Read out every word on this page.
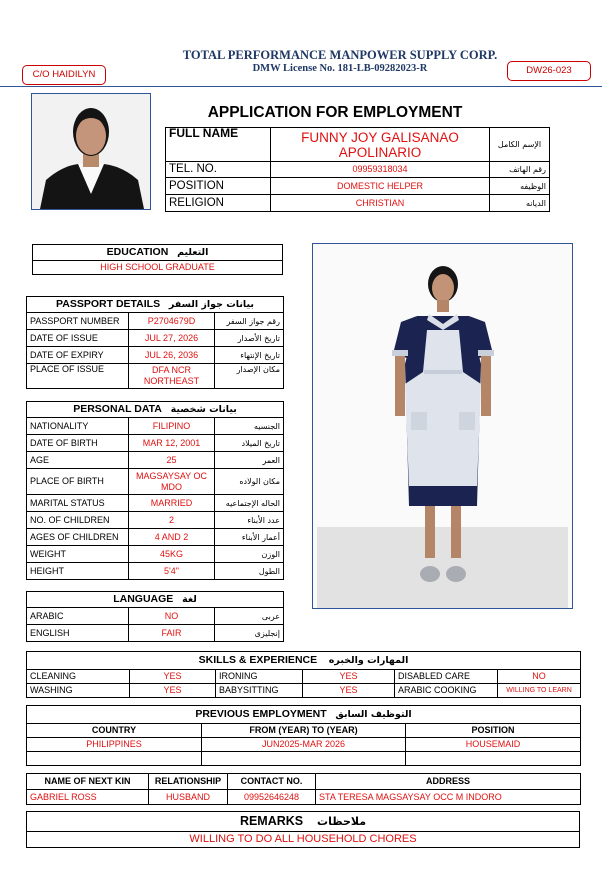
TOTAL PERFORMANCE MANPOWER SUPPLY CORP.
DMW License No. 181-LB-09282023-R
C/O HAIDILYN	DW26-023
APPLICATION FOR EMPLOYMENT
FULL NAME	FUNNY JOY GALISANAO
APOLINARIO	الإسم الكامل
TEL. NO.	09959318034	رقم الهاتف
POSITION	DOMESTIC HELPER	الوظيفه
RELIGION	CHRISTIAN	الديانه
EDUCATION التعليم
HIGH SCHOOL GRADUATE
PASSPORT DETAILS بيانات جواز السفر		
PASSPORT NUMBER	P2704679D	رقم جواز السفر
DATE OF ISSUE	JUL 27, 2026	تاريخ الأصدار
DATE OF EXPIRY	JUL 26, 2036	تاريخ الإنتهاء
PLACE OF ISSUE	DFA NCR
NORTHEAST	مكان الإصدار
PERSONAL DATA بيانات شخصية		
NATIONALITY	FILIPINO	الجنسيه
DATE OF BIRTH	MAR 12, 2001	تاريخ الميلاد
AGE	25	العمر
PLACE OF BIRTH	MAGSAYSAY OC
MDO	مكان الولاده
MARITAL STATUS	MARRIED	الحاله الإجتماعيه
NO. OF CHILDREN	2	عدد الأبناء
AGES OF CHILDREN	4 AND 2	أعمار الأبناء
WEIGHT	45KG	الوزن
HEIGHT	5'4"	الطول
LANGUAGE لغة		
ARABIC	NO	عربى
ENGLISH	FAIR	إنجليزى
SKILLS & EXPERIENCE المهارات والخبره					
CLEANING	YES	IRONING	YES	DISABLED CARE	NO
WASHING	YES	BABYSITTING	YES	ARABIC COOKING	WILLING TO LEARN
PREVIOUS EMPLOYMENT التوظيف السابق		
COUNTRY	FROM (YEAR) TO (YEAR)	POSITION
PHILIPPINES	JUN2025-MAR 2026	HOUSEMAID

NAME OF NEXT KIN	RELATIONSHIP	CONTACT NO.	ADDRESS
GABRIEL ROSS	HUSBAND	09952646248	STA TERESA MAGSAYSAY OCC M INDORO
REMARKS ملاحظات
WILLING TO DO ALL HOUSEHOLD CHORES
